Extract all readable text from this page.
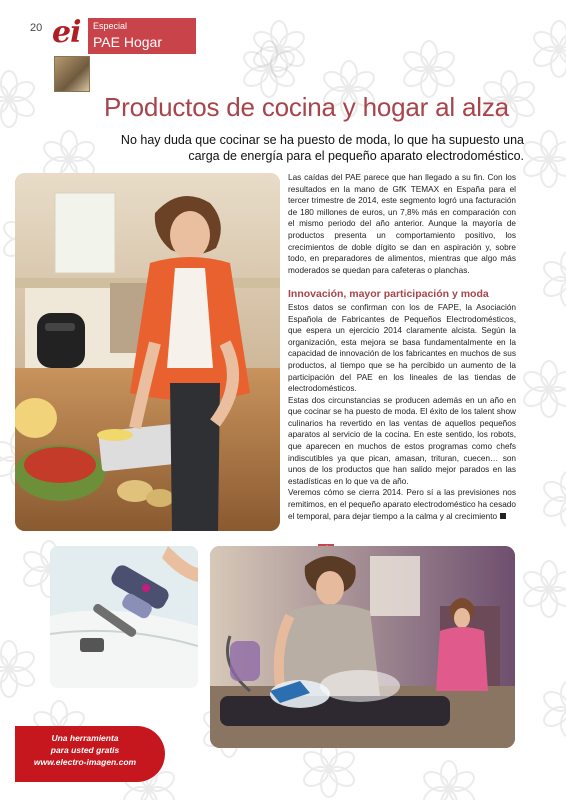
20 ei Especial
PAE Hogar
Productos de cocina y hogar al alza
No hay duda que cocinar se ha puesto de moda, lo que ha supuesto una carga de energía para el pequeño aparato electrodoméstico.

Las caídas del PAE parece que han llegado a su fin. Con los resultados en la mano de GfK TEMAX en España para el tercer trimestre de 2014, este segmento logró una facturación de 180 millones de euros, un 7,8% más en comparación con el mismo periodo del año anterior. Aunque la mayoría de productos presenta un comportamiento positivo, los crecimientos de doble dígito se dan en aspiración y, sobre todo, en preparadores de alimentos, mientras que algo más moderados se quedan para cafeteras o planchas.

Innovación, mayor participación y moda

Estos datos se confirman con los de FAPE, la Asociación Española de Fabricantes de Pequeños Electrodomésticos, que espera un ejercicio 2014 claramente alcista. Según la organización, esta mejora se basa fundamentalmente en la capacidad de innovación de los fabricantes en muchos de sus productos, al tiempo que se ha percibido un aumento de la participación del PAE en los lineales de las tiendas de electrodomésticos.

Estas dos circunstancias se producen además en un año en que cocinar se ha puesto de moda. El éxito de los talent show culinarios ha revertido en las ventas de aquellos pequeños aparatos al servicio de la cocina. En este sentido, los robots, que aparecen en muchos de estos programas como chefs indiscutibles ya que pican, amasan, trituran, cuecen… son unos de los productos que han salido mejor parados en las estadísticas en lo que va de año.

Veremos cómo se cierra 2014. Pero sí a las previsiones nos remitimos, en el pequeño aparato electrodoméstico ha cesado el temporal, para dejar tiempo a la calma y al crecimiento

Una herramienta
para usted gratis
www.electro-imagen.com
